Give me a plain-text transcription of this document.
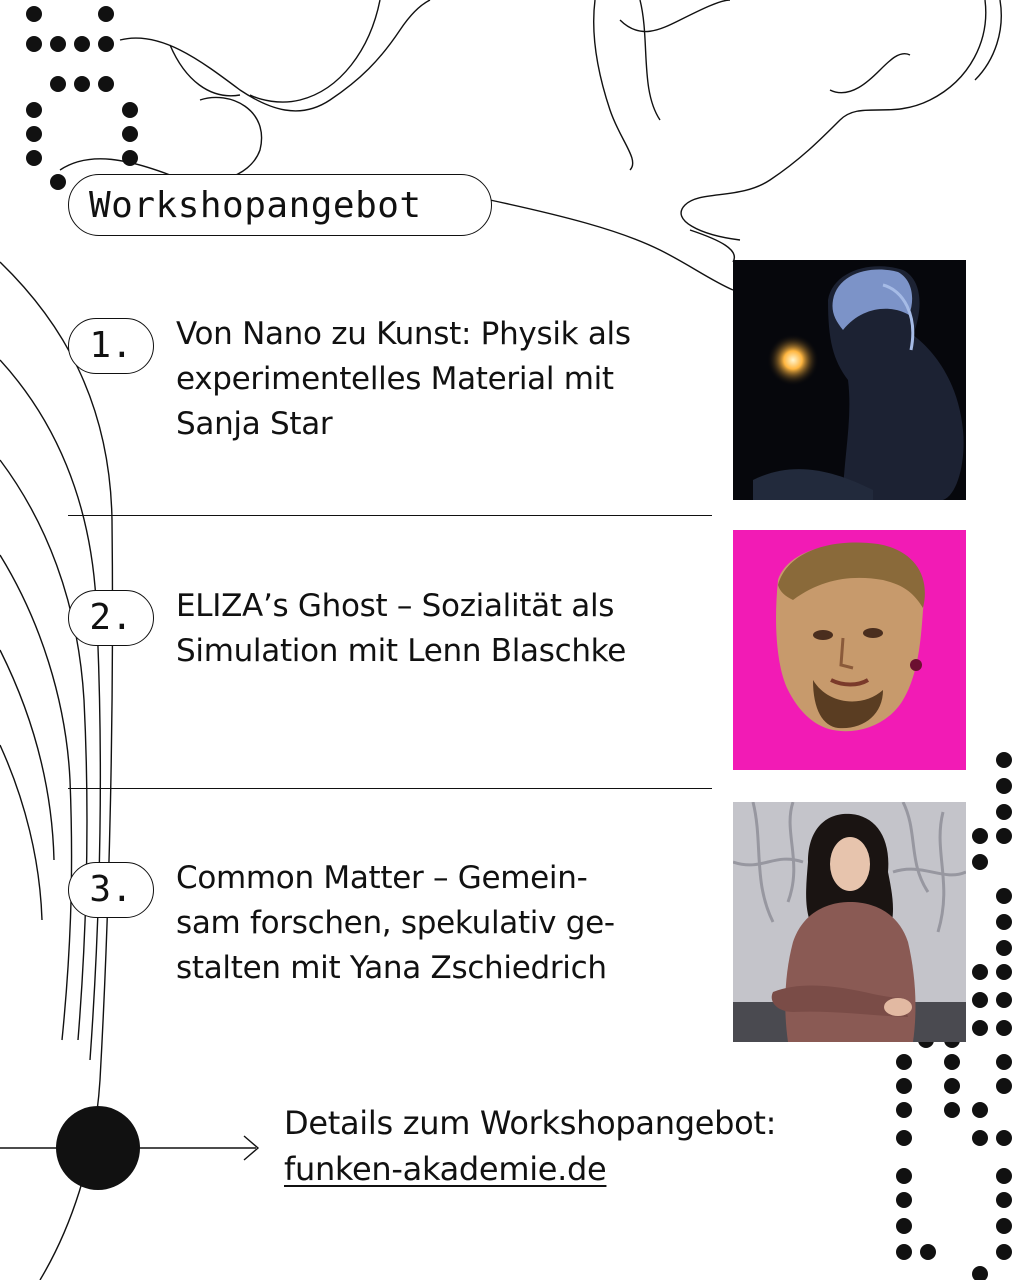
Workshopangebot
1.	Von Nano zu Kunst: Physik als
experimentelles Material mit
Sanja Star
2.	ELIZA’s Ghost – Sozialität als
Simulation mit Lenn Blaschke
3.	Common Matter – Gemein-
sam forschen, spekulativ ge-
stalten mit Yana Zschiedrich
Details zum Workshopangebot:
funken-akademie.de
